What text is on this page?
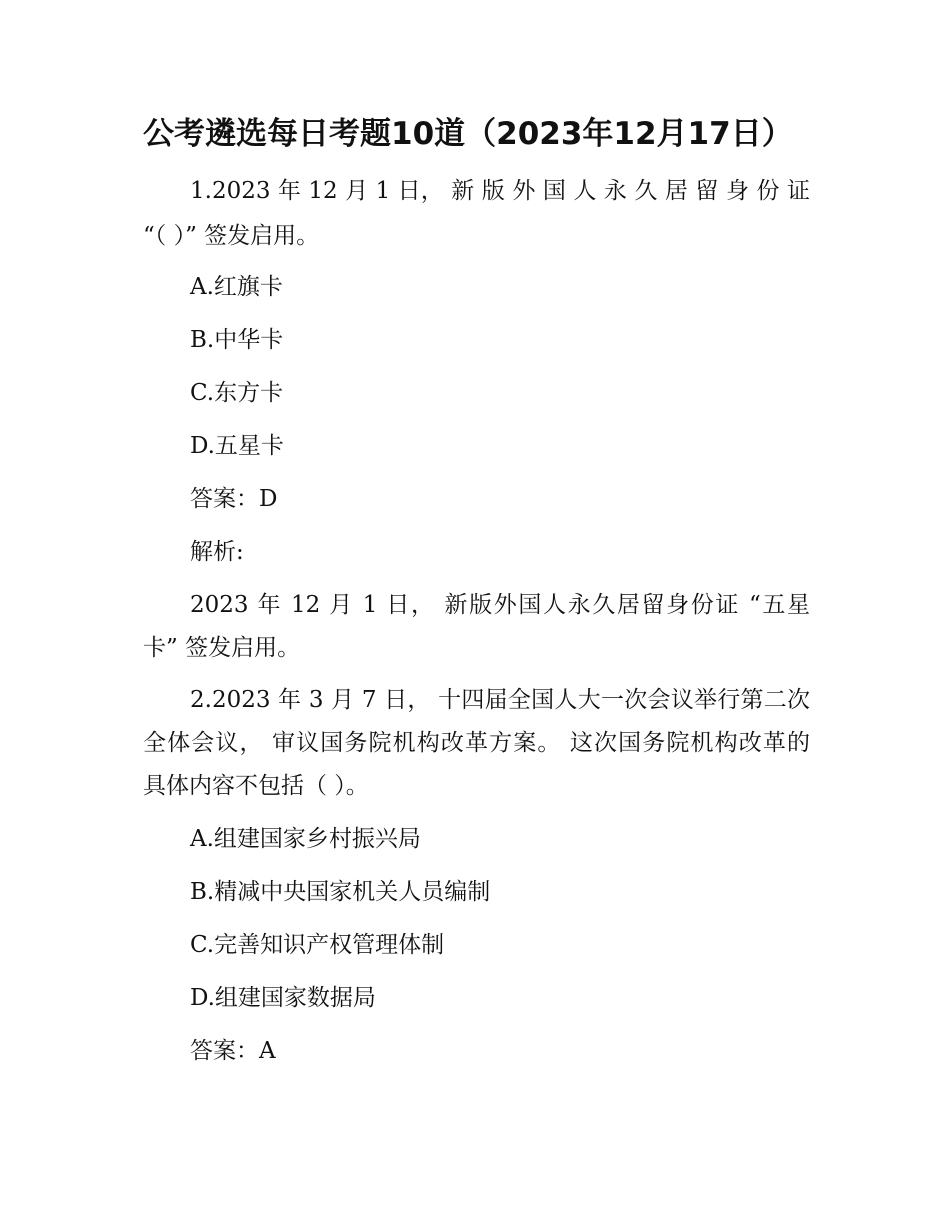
公考遴选每日考题10道（2023年12月17日）
1.2023 年 12 月 1 日， 新 版 外 国 人 永 久 居 留 身 份 证
“（ ）” 签发启用。
A.红旗卡
B.中华卡
C.东方卡
D.五星卡
答案：D
解析:
2023 年 12 月 1 日， 新版外国人永久居留身份证 “五星
卡” 签发启用。
2.2023 年 3 月 7 日， 十四届全国人大一次会议举行第二次
全体会议， 审议国务院机构改革方案。 这次国务院机构改革的
具体内容不包括（ ）。
A.组建国家乡村振兴局
B.精减中央国家机关人员编制
C.完善知识产权管理体制
D.组建国家数据局
答案：A
